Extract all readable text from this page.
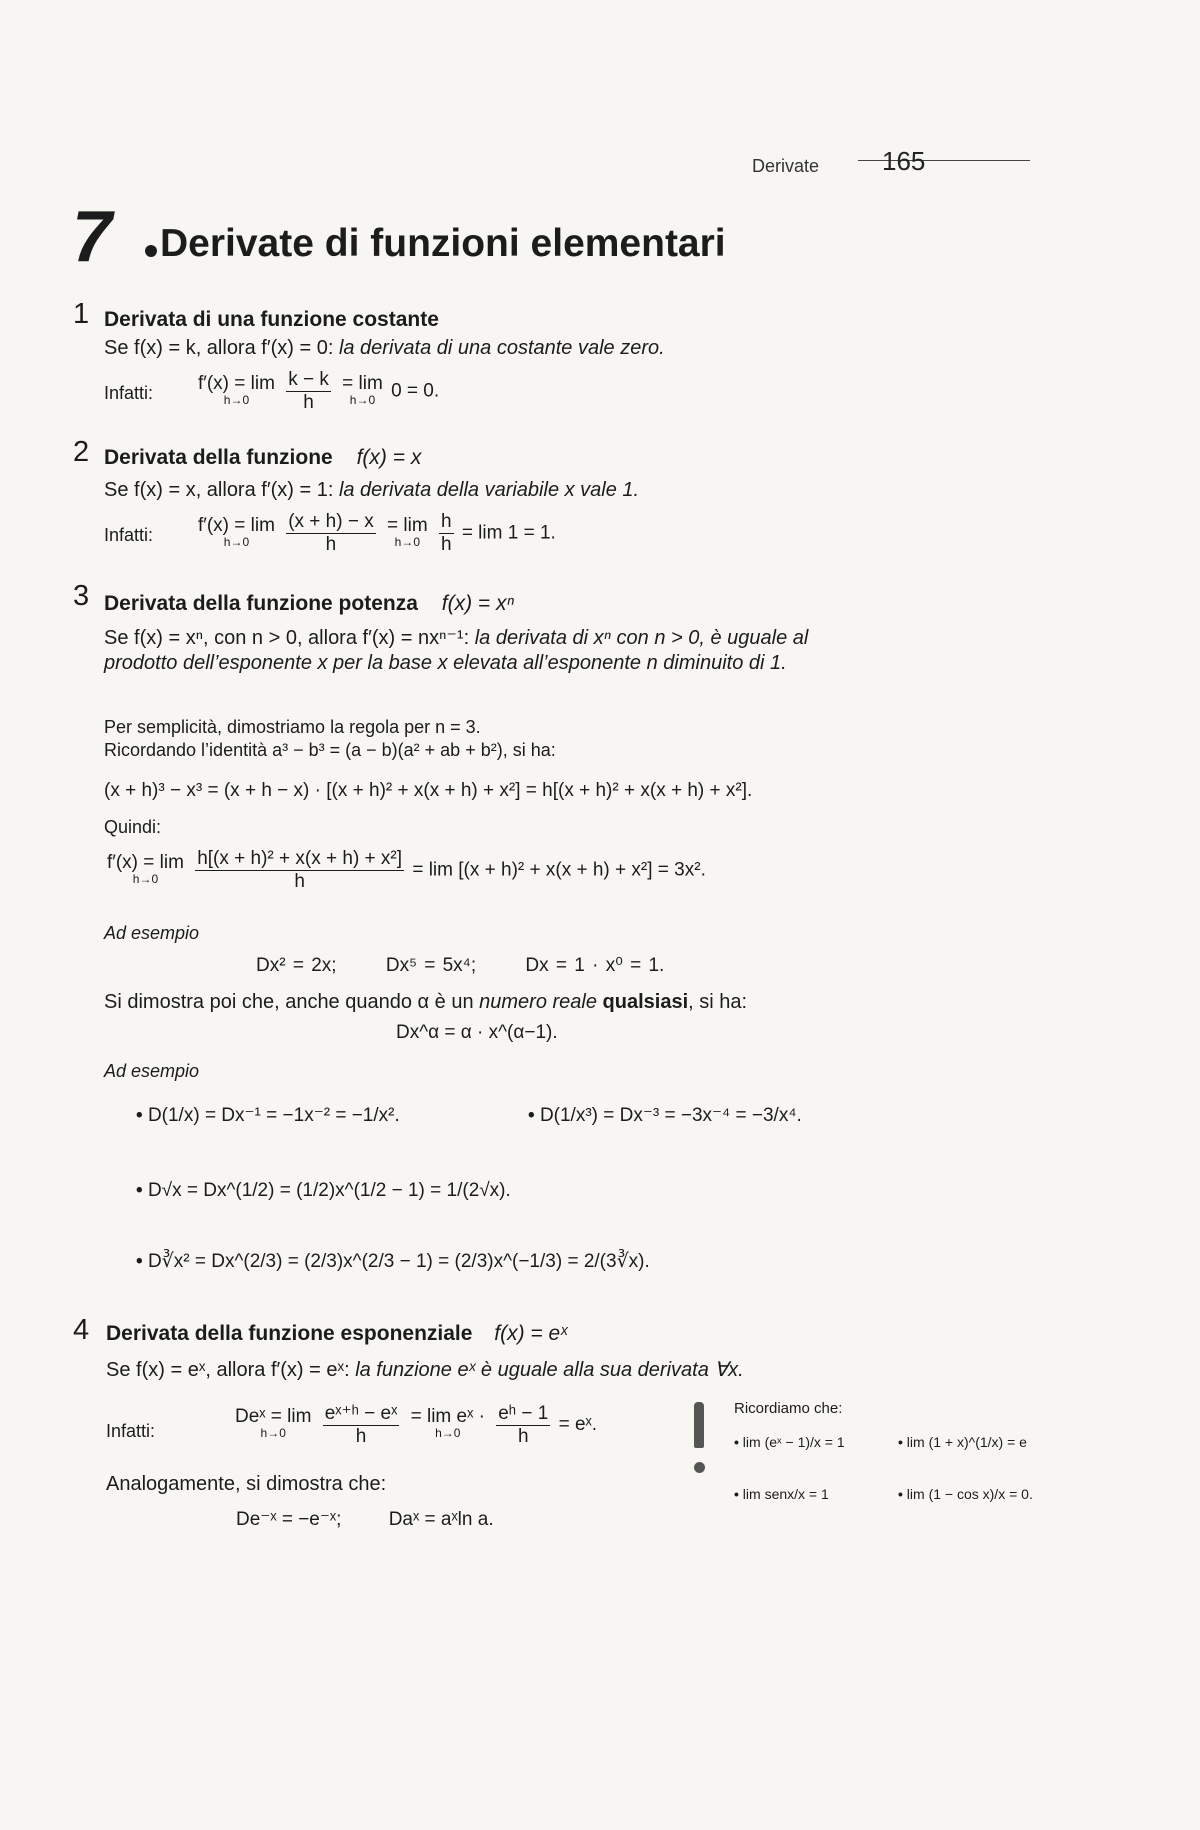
Derivate 165
7 Derivate di funzioni elementari
1 Derivata di una funzione costante
Se f(x) = k, allora f′(x) = 0: la derivata di una costante vale zero.
Infatti: f′(x) = lim
h→0
	$\frac{k - k}{h} = \lim$
h→0 0 = 0.
2 Derivata della funzione f(x) = x
Se f(x) = x, allora f′(x) = 1: la derivata della variabile x vale 1.
Infatti: f′(x) = lim
h→0
	$\frac{(x + h) - x}{h} = \lim$
h→0
$\frac{h}{h} = \lim 1 = 1$.
3 Derivata della funzione potenza f(x) = xⁿ
Se f(x) = xⁿ, con n > 0, allora f′(x) = nxⁿ⁻¹: la derivata di xⁿ con n > 0, è uguale al prodotto dell’esponente x per la base x elevata all’esponente n diminuito di 1.
Per semplicità, dimostriamo la regola per n = 3.
Ricordando l’identità a³ − b³ = (a − b)(a² + ab + b²), si ha:
(x + h)³ − x³ = (x + h − x) · [(x + h)² + x(x + h) + x²] = h[(x + h)² + x(x + h) + x²].
Quindi:
f′(x) = lim
h→0
	$\frac{\text{h[(x + h)² + x(x + h) + x²]}}{h} = \lim [(x + h)^2 + x(x + h) + x^2] = 3x^2$.
Ad esempio
Dx² = 2x;	Dx⁵ = 5x⁴;	Dx = 1 · x⁰ = 1.
Si dimostra poi che, anche quando α è un numero reale qualsiasi, si ha:
Dx^α = α · x^(α−1).
Ad esempio
• D(1/x) = Dx⁻¹ = −1x⁻² = −1/x².	• D(1/x³) = Dx⁻³ = −3x⁻⁴ = −3/x⁴.
• D√x = Dx^(1/2) = (1/2)x^(1/2 − 1) = 1/(2√x).
• D∛x² = Dx^(2/3) = (2/3)x^(2/3 − 1) = (2/3)x^(−1/3) = 2/(3∛x).
4 Derivata della funzione esponenziale f(x) = eˣ
Se f(x) = eˣ, allora f′(x) = eˣ: la funzione eˣ è uguale alla sua derivata ∀x.
Infatti:
Deˣ = lim
h→0
	$\frac{\text{eˣ⁺ʰ − eˣ}}{h} = \lim$ eˣ ·
h→0
	$\frac{\text{eʰ − 1}}{h}$ = eˣ.
Analogamente, si dimostra che:
De⁻ˣ = −e⁻ˣ; Daˣ = aˣln a.
Ricordiamo che:
• lim (eˣ − 1)/x = 1	• lim (1 + x)^(1/x) = e
• lim senx/x = 1	• lim (1 − cos x)/x = 0.
